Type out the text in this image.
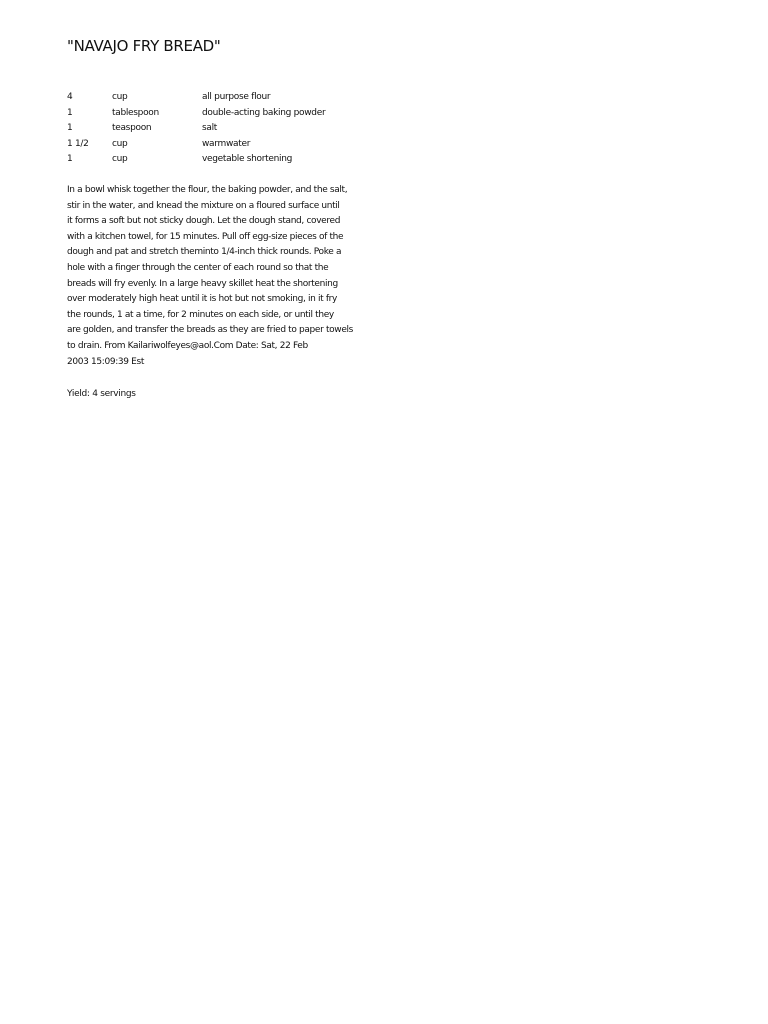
"NAVAJO FRY BREAD"
4	cup	all purpose flour
1	tablespoon	double-acting baking powder
1	teaspoon	salt
1 1/2	cup	warmwater
1	cup	vegetable shortening
In a bowl whisk together the flour, the baking powder, and the salt,
stir in the water, and knead the mixture on a floured surface until
it forms a soft but not sticky dough. Let the dough stand, covered
with a kitchen towel, for 15 minutes. Pull off egg-size pieces of the
dough and pat and stretch theminto 1/4-inch thick rounds. Poke a
hole with a finger through the center of each round so that the
breads will fry evenly. In a large heavy skillet heat the shortening
over moderately high heat until it is hot but not smoking, in it fry
the rounds, 1 at a time, for 2 minutes on each side, or until they
are golden, and transfer the breads as they are fried to paper towels
to drain. From Kailariwolfeyes@aol.Com Date: Sat, 22 Feb
2003 15:09:39 Est

Yield: 4 servings
